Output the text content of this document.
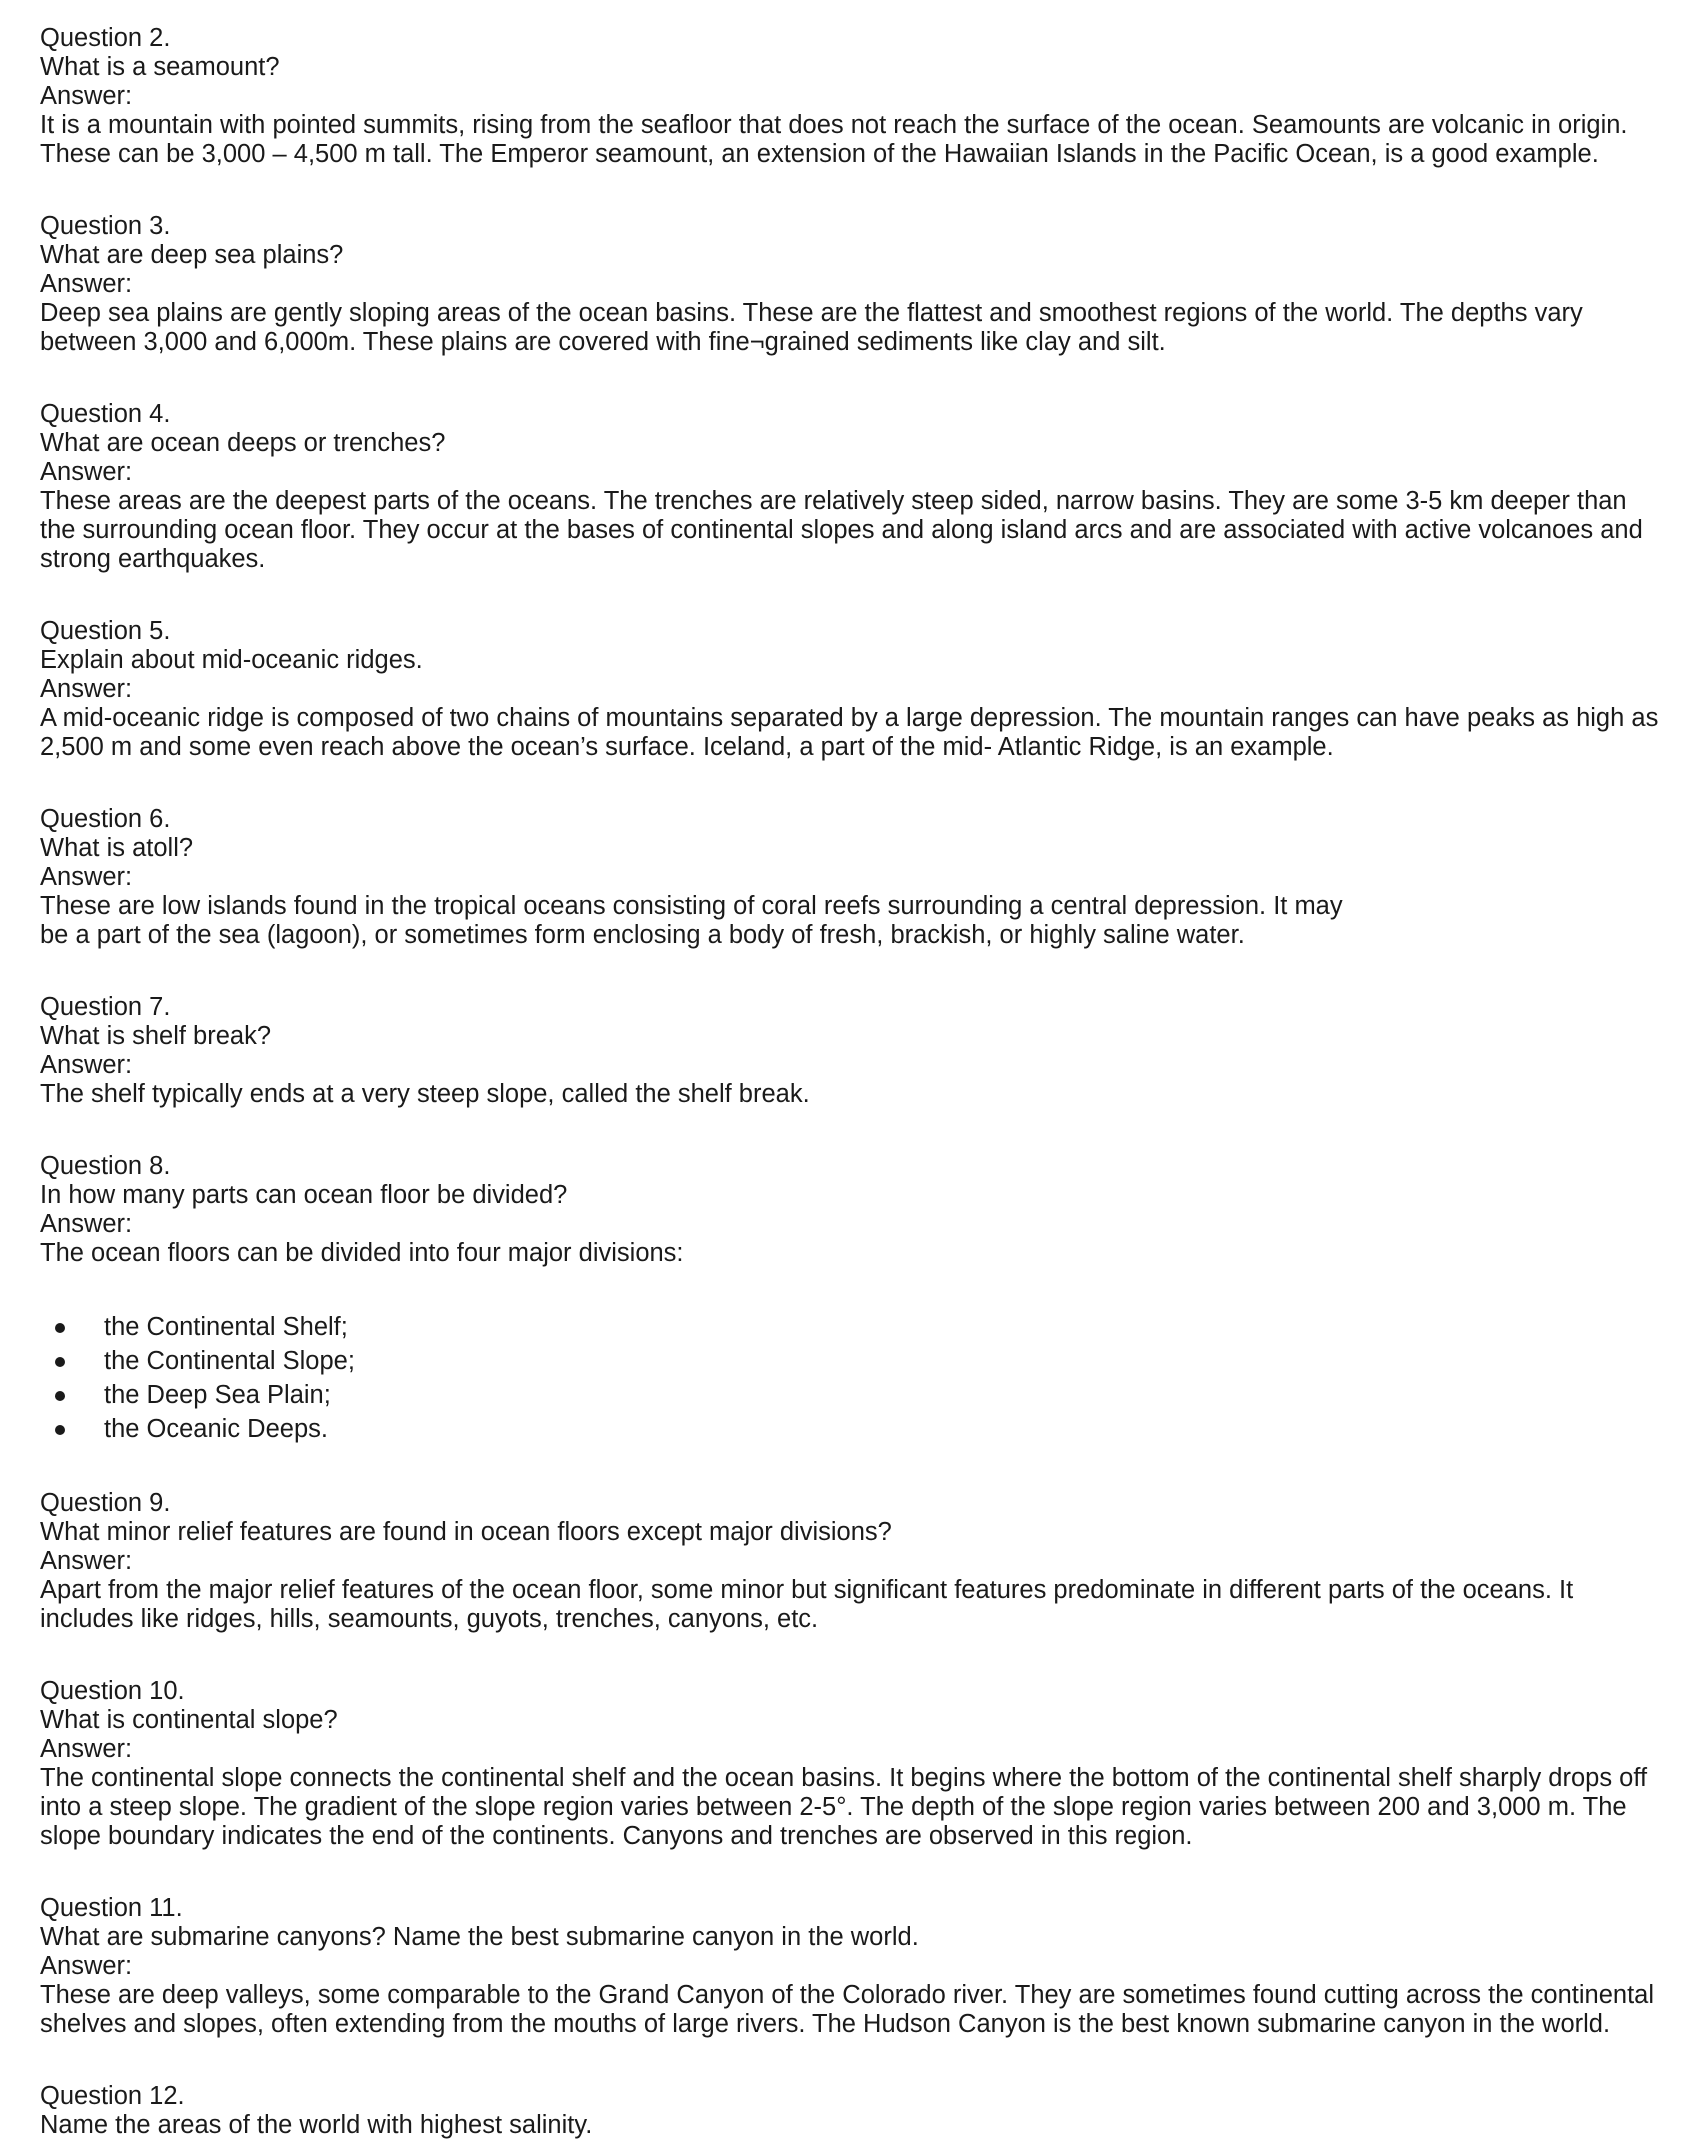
Question 2.

What is a seamount?

Answer:

It is a mountain with pointed summits, rising from the seafloor that does not reach the surface of the ocean. Seamounts are volcanic in origin. These can be 3,000 – 4,500 m tall. The Emperor seamount, an extension of the Hawaiian Islands in the Pacific Ocean, is a good example.

Question 3.

What are deep sea plains?

Answer:

Deep sea plains are gently sloping areas of the ocean basins. These are the flattest and smoothest regions of the world. The depths vary between 3,000 and 6,000m. These plains are covered with fine¬grained sediments like clay and silt.

Question 4.

What are ocean deeps or trenches?

Answer:

These areas are the deepest parts of the oceans. The trenches are relatively steep sided, narrow basins. They are some 3-5 km deeper than the surrounding ocean floor. They occur at the bases of continental slopes and along island arcs and are associated with active volcanoes and strong earthquakes.

Question 5.

Explain about mid-oceanic ridges.

Answer:

A mid-oceanic ridge is composed of two chains of mountains separated by a large depression. The mountain ranges can have peaks as high as 2,500 m and some even reach above the ocean’s surface. Iceland, a part of the mid- Atlantic Ridge, is an example.

Question 6.

What is atoll?

Answer:

These are low islands found in the tropical oceans consisting of coral reefs surrounding a central depression. It may

be a part of the sea (lagoon), or sometimes form enclosing a body of fresh, brackish, or highly saline water.

Question 7.

What is shelf break?

Answer:

The shelf typically ends at a very steep slope, called the shelf break.

Question 8.

In how many parts can ocean floor be divided?

Answer:

The ocean floors can be divided into four major divisions:

the Continental Shelf;
the Continental Slope;
the Deep Sea Plain;
the Oceanic Deeps.

Question 9.

What minor relief features are found in ocean floors except major divisions?

Answer:

Apart from the major relief features of the ocean floor, some minor but significant features predominate in different parts of the oceans. It includes like ridges, hills, seamounts, guyots, trenches, canyons, etc.

Question 10.

What is continental slope?

Answer:

The continental slope connects the continental shelf and the ocean basins. It begins where the bottom of the continental shelf sharply drops off into a steep slope. The gradient of the slope region varies between 2-5°. The depth of the slope region varies between 200 and 3,000 m. The slope boundary indicates the end of the continents. Canyons and trenches are observed in this region.

Question 11.

What are submarine canyons? Name the best submarine canyon in the world.

Answer:

These are deep valleys, some comparable to the Grand Canyon of the Colorado river. They are sometimes found cutting across the continental shelves and slopes, often extending from the mouths of large rivers. The Hudson Canyon is the best known submarine canyon in the world.

Question 12.

Name the areas of the world with highest salinity.
